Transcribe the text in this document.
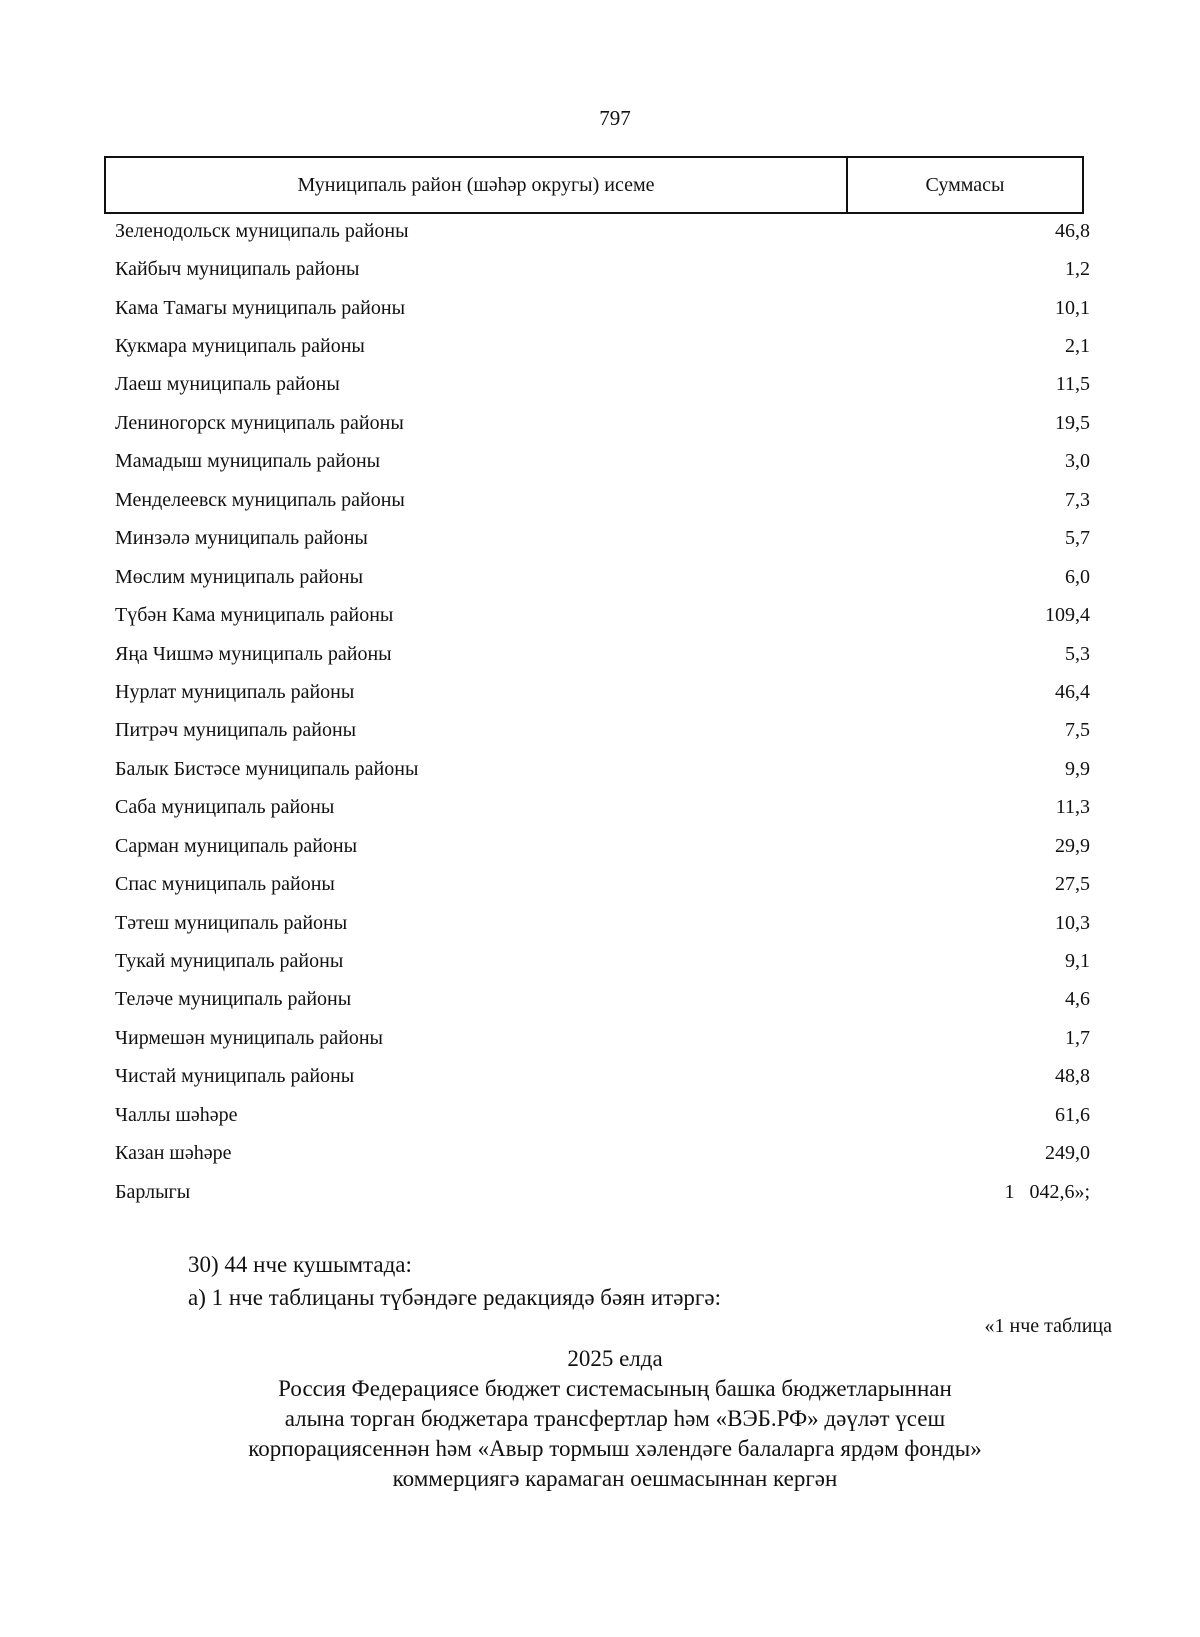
797
Муниципаль район (шәһәр округы) исеме	Суммасы
Зеленодольск муниципаль районы	46,8
Кайбыч муниципаль районы	1,2
Кама Тамагы муниципаль районы	10,1
Кукмара муниципаль районы	2,1
Лаеш муниципаль районы	11,5
Лениногорск муниципаль районы	19,5
Мамадыш муниципаль районы	3,0
Менделеевск муниципаль районы	7,3
Минзәлә муниципаль районы	5,7
Мөслим муниципаль районы	6,0
Түбән Кама муниципаль районы	109,4
Яңа Чишмә муниципаль районы	5,3
Нурлат муниципаль районы	46,4
Питрәч муниципаль районы	7,5
Балык Бистәсе муниципаль районы	9,9
Саба муниципаль районы	11,3
Сарман муниципаль районы	29,9
Спас муниципаль районы	27,5
Тәтеш муниципаль районы	10,3
Тукай муниципаль районы	9,1
Теләче муниципаль районы	4,6
Чирмешән муниципаль районы	1,7
Чистай муниципаль районы	48,8
Чаллы шәһәре	61,6
Казан шәһәре	249,0
Барлыгы	1   042,6»;
30) 44 нче кушымтада:
а) 1 нче таблицаны түбәндәге редакциядә бәян итәргә:
«1 нче таблица
2025 елда
Россия Федерациясе бюджет системасының башка бюджетларыннан
алына торган бюджетара трансфертлар һәм «ВЭБ.РФ» дәүләт үсеш
корпорациясеннән һәм «Авыр тормыш хәлендәге балаларга ярдәм фонды»
коммерциягә карамаган оешмасыннан кергән
